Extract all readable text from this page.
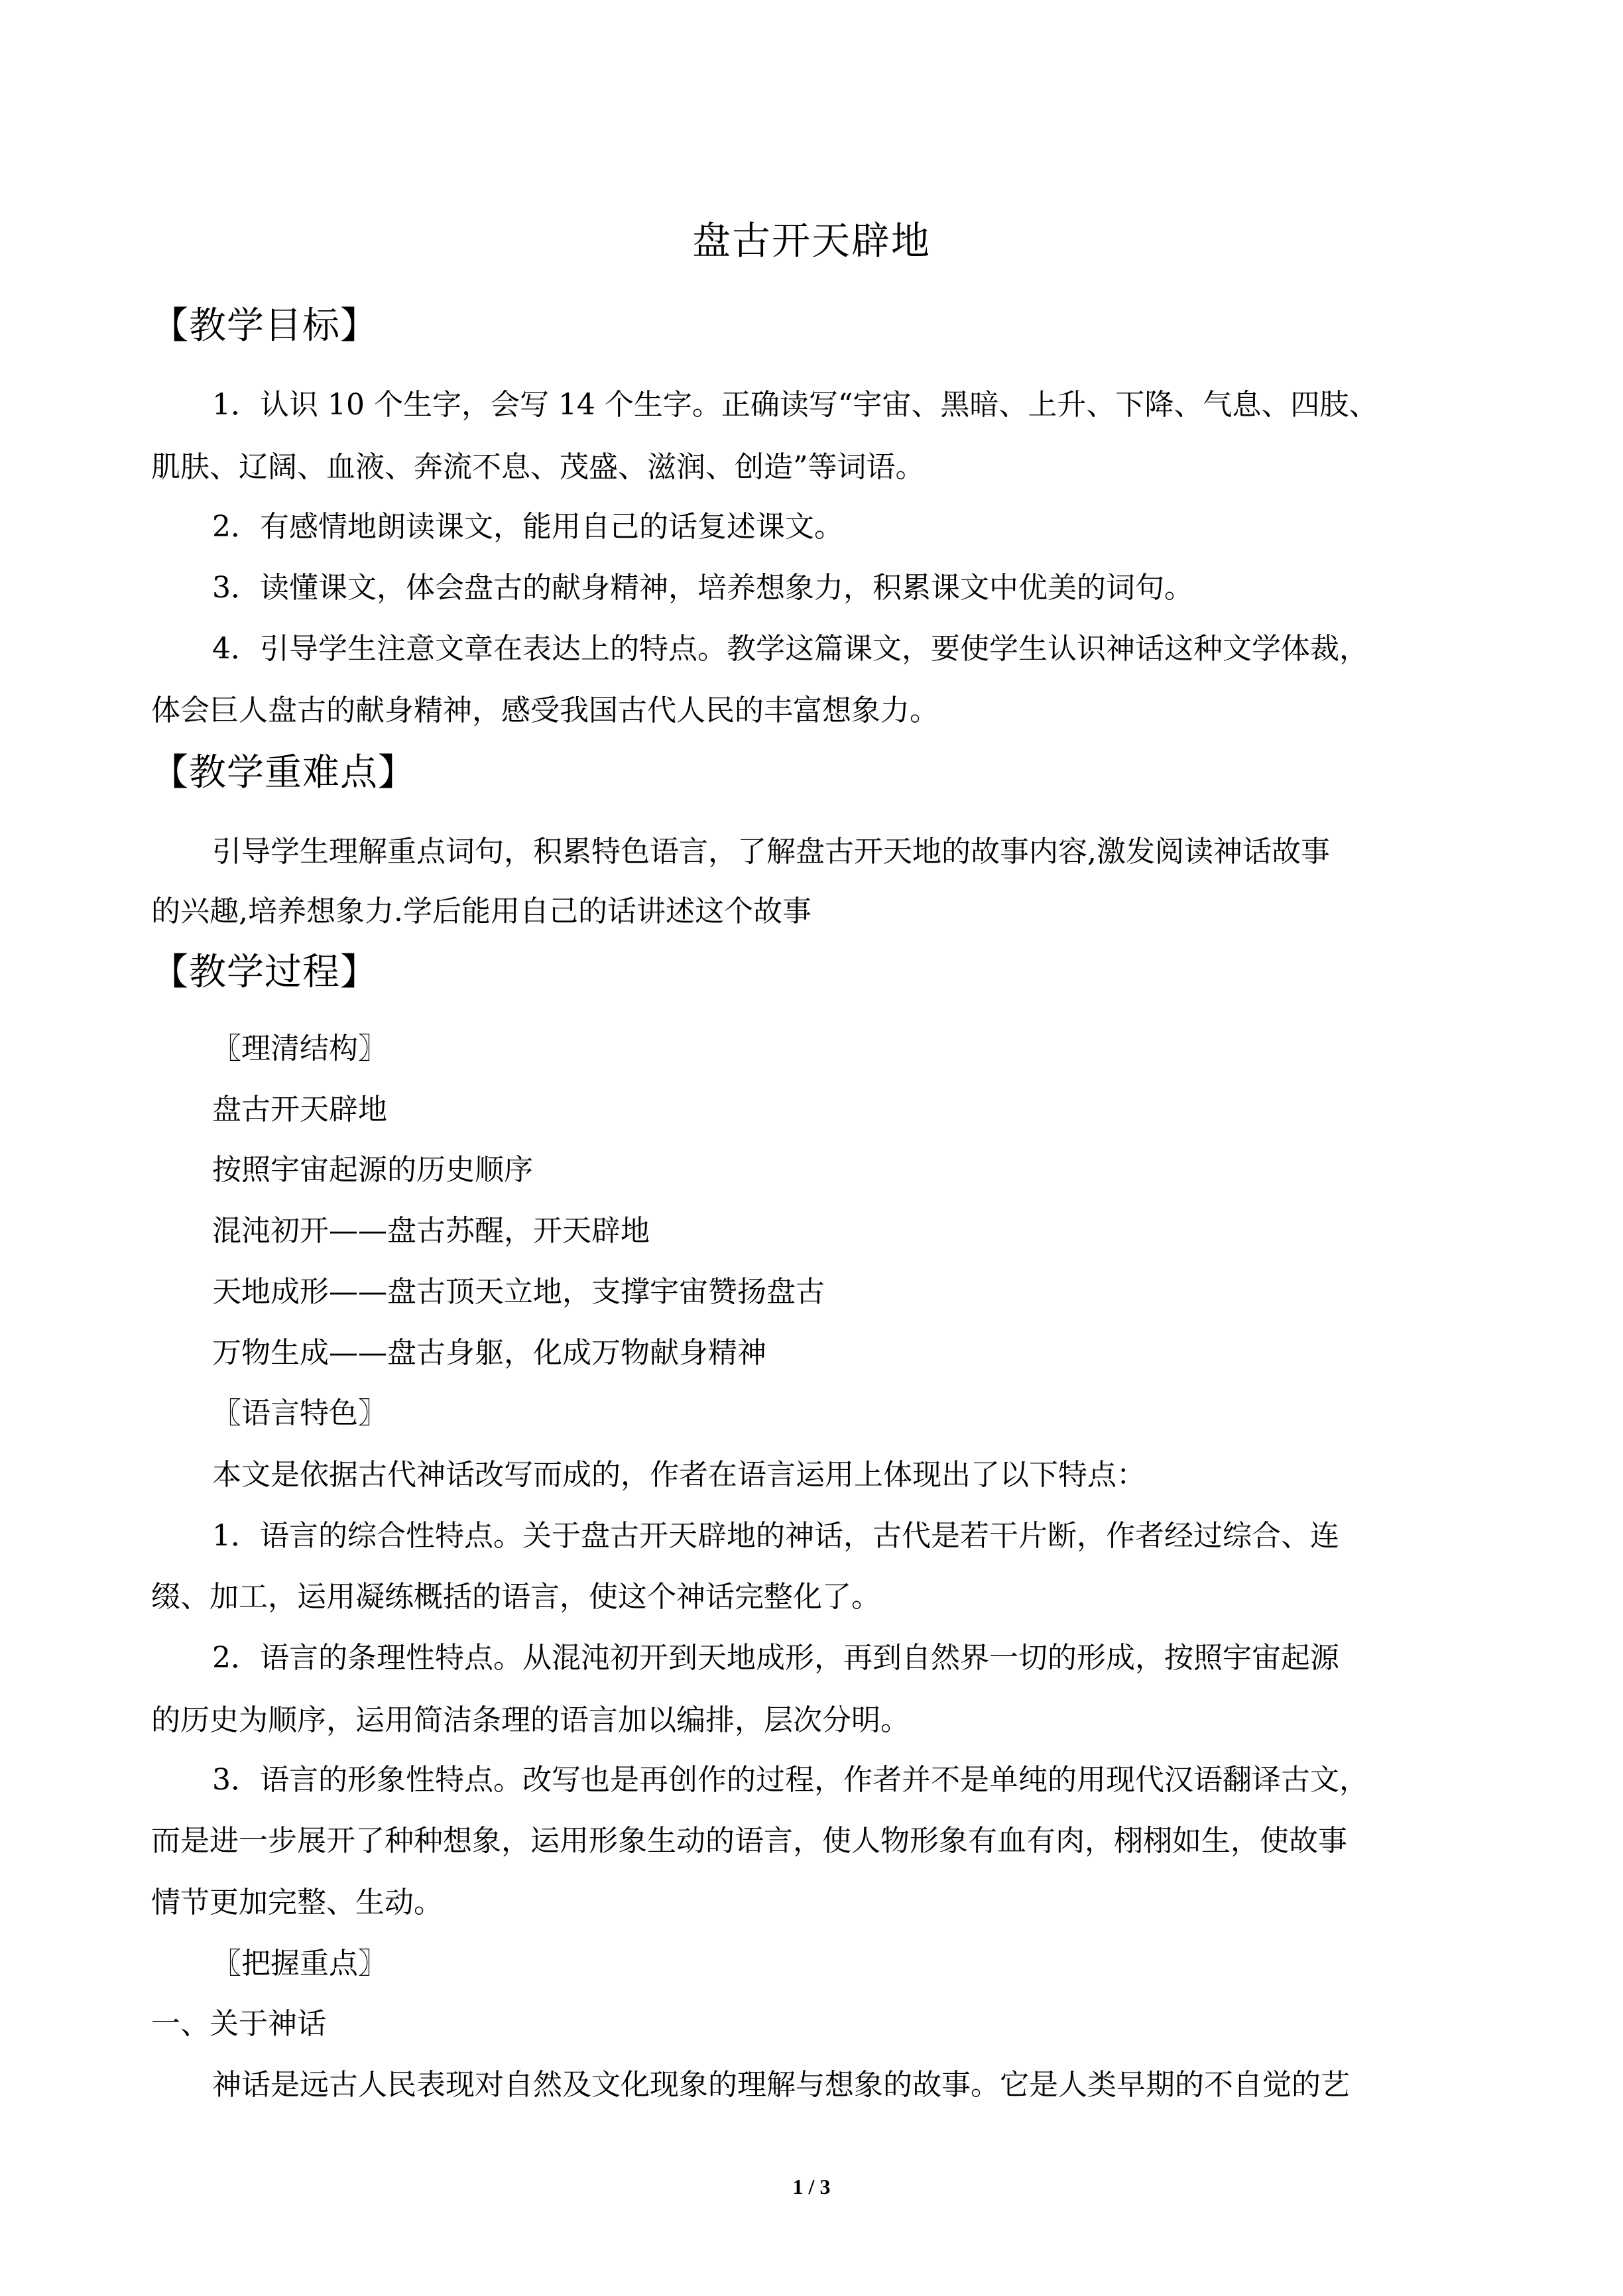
盘古开天辟地
【教学目标】
1．认识 10 个生字，会写 14 个生字。正确读写“宇宙、黑暗、上升、下降、气息、四肢、
肌肤、辽阔、血液、奔流不息、茂盛、滋润、创造”等词语。
2．有感情地朗读课文，能用自己的话复述课文。
3．读懂课文，体会盘古的献身精神，培养想象力，积累课文中优美的词句。
4．引导学生注意文章在表达上的特点。教学这篇课文，要使学生认识神话这种文学体裁，
体会巨人盘古的献身精神，感受我国古代人民的丰富想象力。
【教学重难点】
引导学生理解重点词句，积累特色语言，了解盘古开天地的故事内容,激发阅读神话故事
的兴趣,培养想象力.学后能用自己的话讲述这个故事
【教学过程】
〖理清结构〗
盘古开天辟地
按照宇宙起源的历史顺序
混沌初开——盘古苏醒，开天辟地
天地成形——盘古顶天立地，支撑宇宙赞扬盘古
万物生成——盘古身躯，化成万物献身精神
〖语言特色〗
本文是依据古代神话改写而成的，作者在语言运用上体现出了以下特点：
1．语言的综合性特点。关于盘古开天辟地的神话，古代是若干片断，作者经过综合、连
缀、加工，运用凝练概括的语言，使这个神话完整化了。
2．语言的条理性特点。从混沌初开到天地成形，再到自然界一切的形成，按照宇宙起源
的历史为顺序，运用简洁条理的语言加以编排，层次分明。
3．语言的形象性特点。改写也是再创作的过程，作者并不是单纯的用现代汉语翻译古文，
而是进一步展开了种种想象，运用形象生动的语言，使人物形象有血有肉，栩栩如生，使故事
情节更加完整、生动。
〖把握重点〗
一、关于神话
神话是远古人民表现对自然及文化现象的理解与想象的故事。它是人类早期的不自觉的艺
1 / 3
